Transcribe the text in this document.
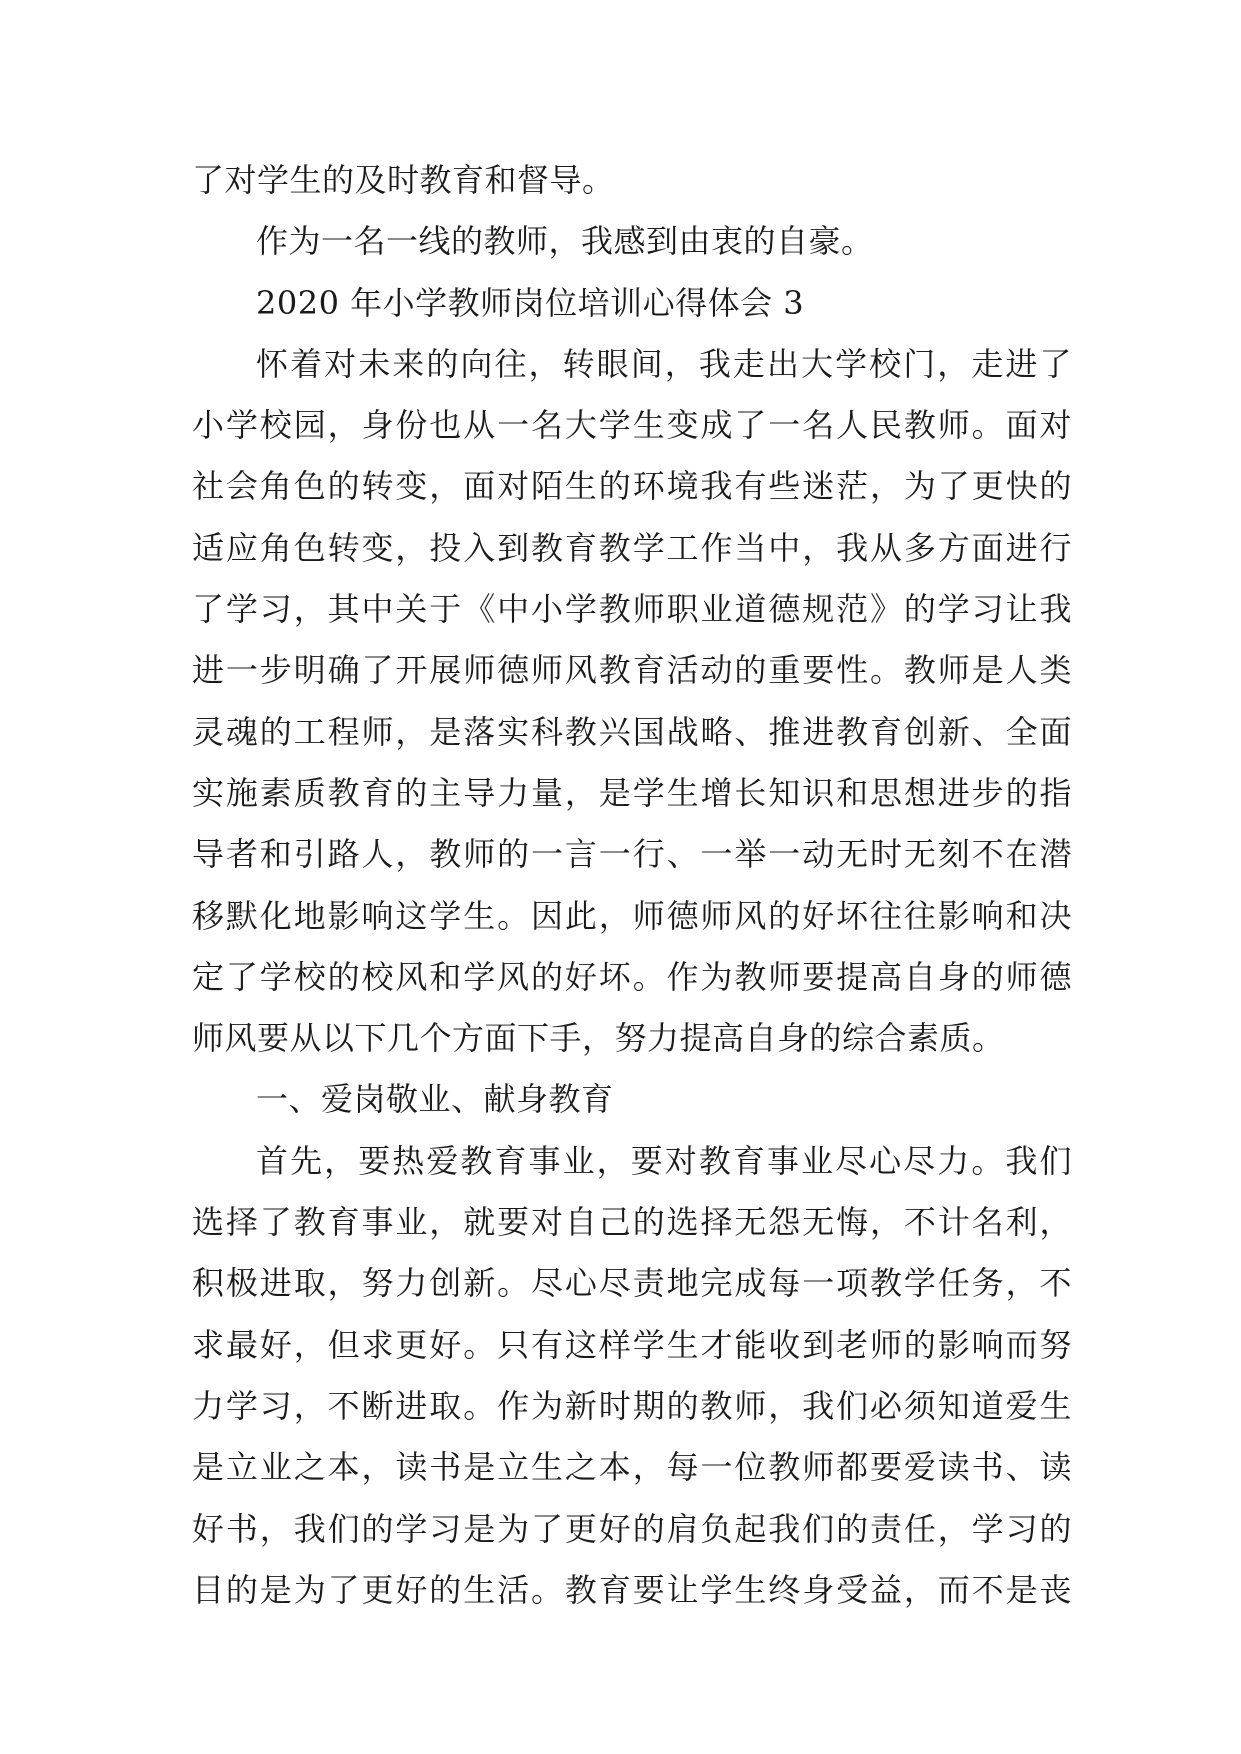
了对学生的及时教育和督导。
作为一名一线的教师，我感到由衷的自豪。
2020 年小学教师岗位培训心得体会 3
怀着对未来的向往，转眼间，我走出大学校门，走进了
小学校园，身份也从一名大学生变成了一名人民教师。面对
社会角色的转变，面对陌生的环境我有些迷茫，为了更快的
适应角色转变，投入到教育教学工作当中，我从多方面进行
了学习，其中关于《中小学教师职业道德规范》的学习让我
进一步明确了开展师德师风教育活动的重要性。教师是人类
灵魂的工程师，是落实科教兴国战略、推进教育创新、全面
实施素质教育的主导力量，是学生增长知识和思想进步的指
导者和引路人，教师的一言一行、一举一动无时无刻不在潜
移默化地影响这学生。因此，师德师风的好坏往往影响和决
定了学校的校风和学风的好坏。作为教师要提高自身的师德
师风要从以下几个方面下手，努力提高自身的综合素质。
一、爱岗敬业、献身教育
首先，要热爱教育事业，要对教育事业尽心尽力。我们
选择了教育事业，就要对自己的选择无怨无悔，不计名利，
积极进取，努力创新。尽心尽责地完成每一项教学任务，不
求最好，但求更好。只有这样学生才能收到老师的影响而努
力学习，不断进取。作为新时期的教师，我们必须知道爱生
是立业之本，读书是立生之本，每一位教师都要爱读书、读
好书，我们的学习是为了更好的肩负起我们的责任，学习的
目的是为了更好的生活。教育要让学生终身受益，而不是丧
